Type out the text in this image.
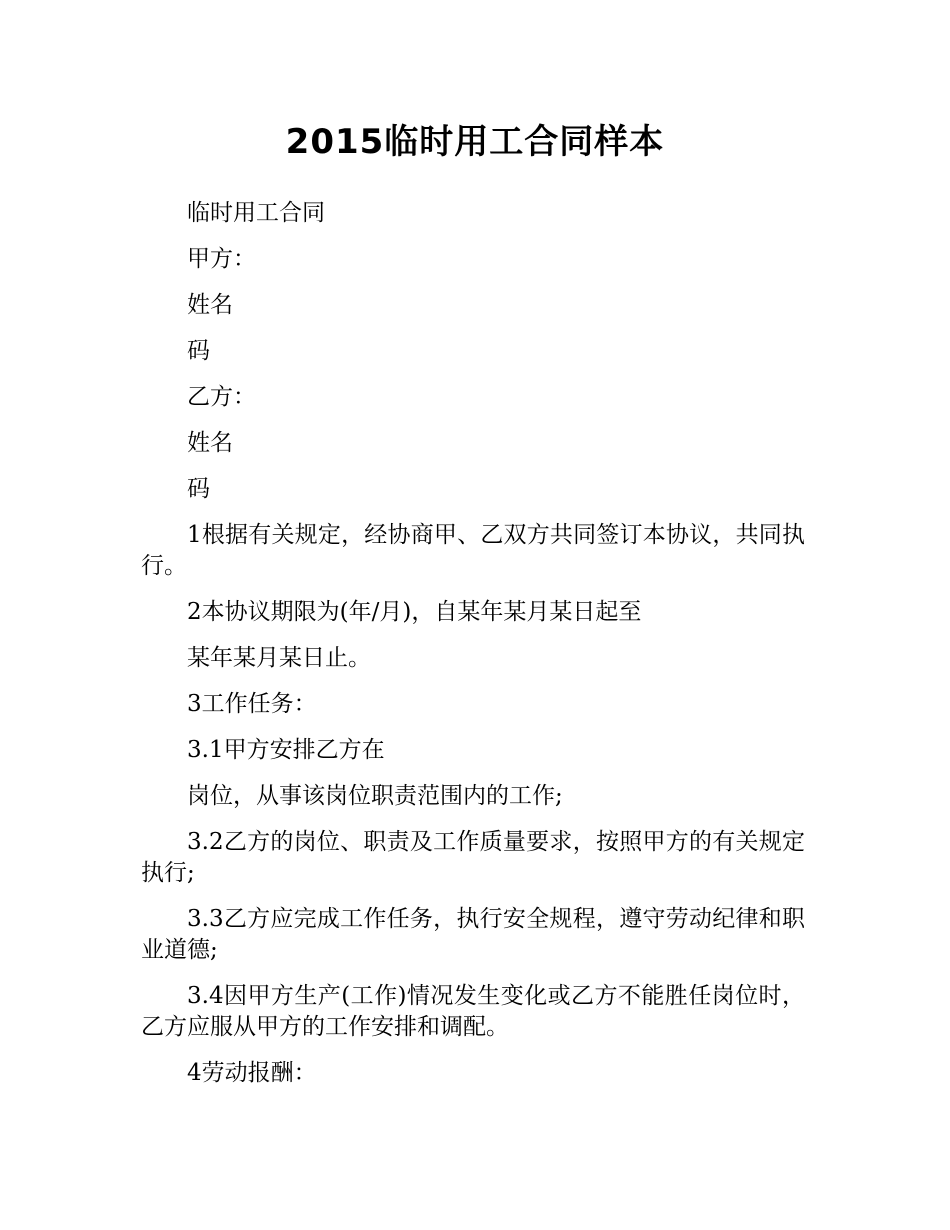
2015临时用工合同样本

临时用工合同

甲方：

姓名

码

乙方：

姓名

码

1根据有关规定，经协商甲、乙双方共同签订本协议，共同执行。

2本协议期限为(年/月)，自某年某月某日起至

某年某月某日止。

3工作任务：

3.1甲方安排乙方在

岗位，从事该岗位职责范围内的工作;

3.2乙方的岗位、职责及工作质量要求，按照甲方的有关规定执行;

3.3乙方应完成工作任务，执行安全规程，遵守劳动纪律和职业道德;

3.4因甲方生产(工作)情况发生变化或乙方不能胜任岗位时，乙方应服从甲方的工作安排和调配。

4劳动报酬：
